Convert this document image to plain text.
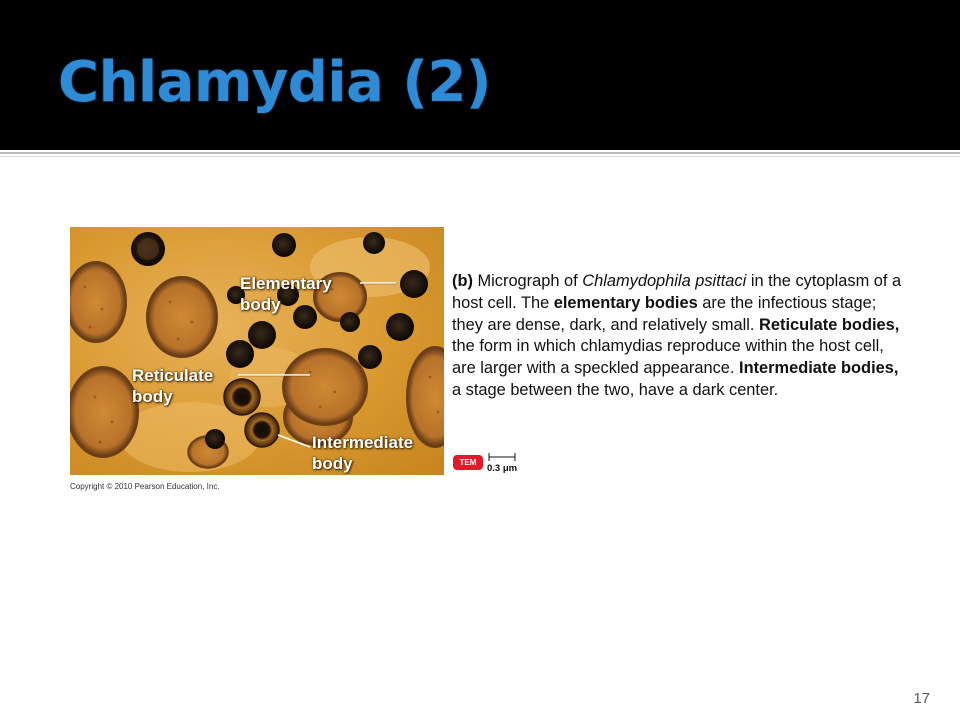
Chlamydia (2)

Elementary
body

Reticulate
body

Intermediate
body

Copyright © 2010 Pearson Education, Inc.

(b) Micrograph of Chlamydophila psittaci in the cytoplasm of a host cell. The elementary bodies are the infectious stage; they are dense, dark, and relatively small. Reticulate bodies, the form in which chlamydias reproduce within the host cell, are larger with a speckled appearance. Intermediate bodies, a stage between the two, have a dark center.

TEM
0.3 μm
17
